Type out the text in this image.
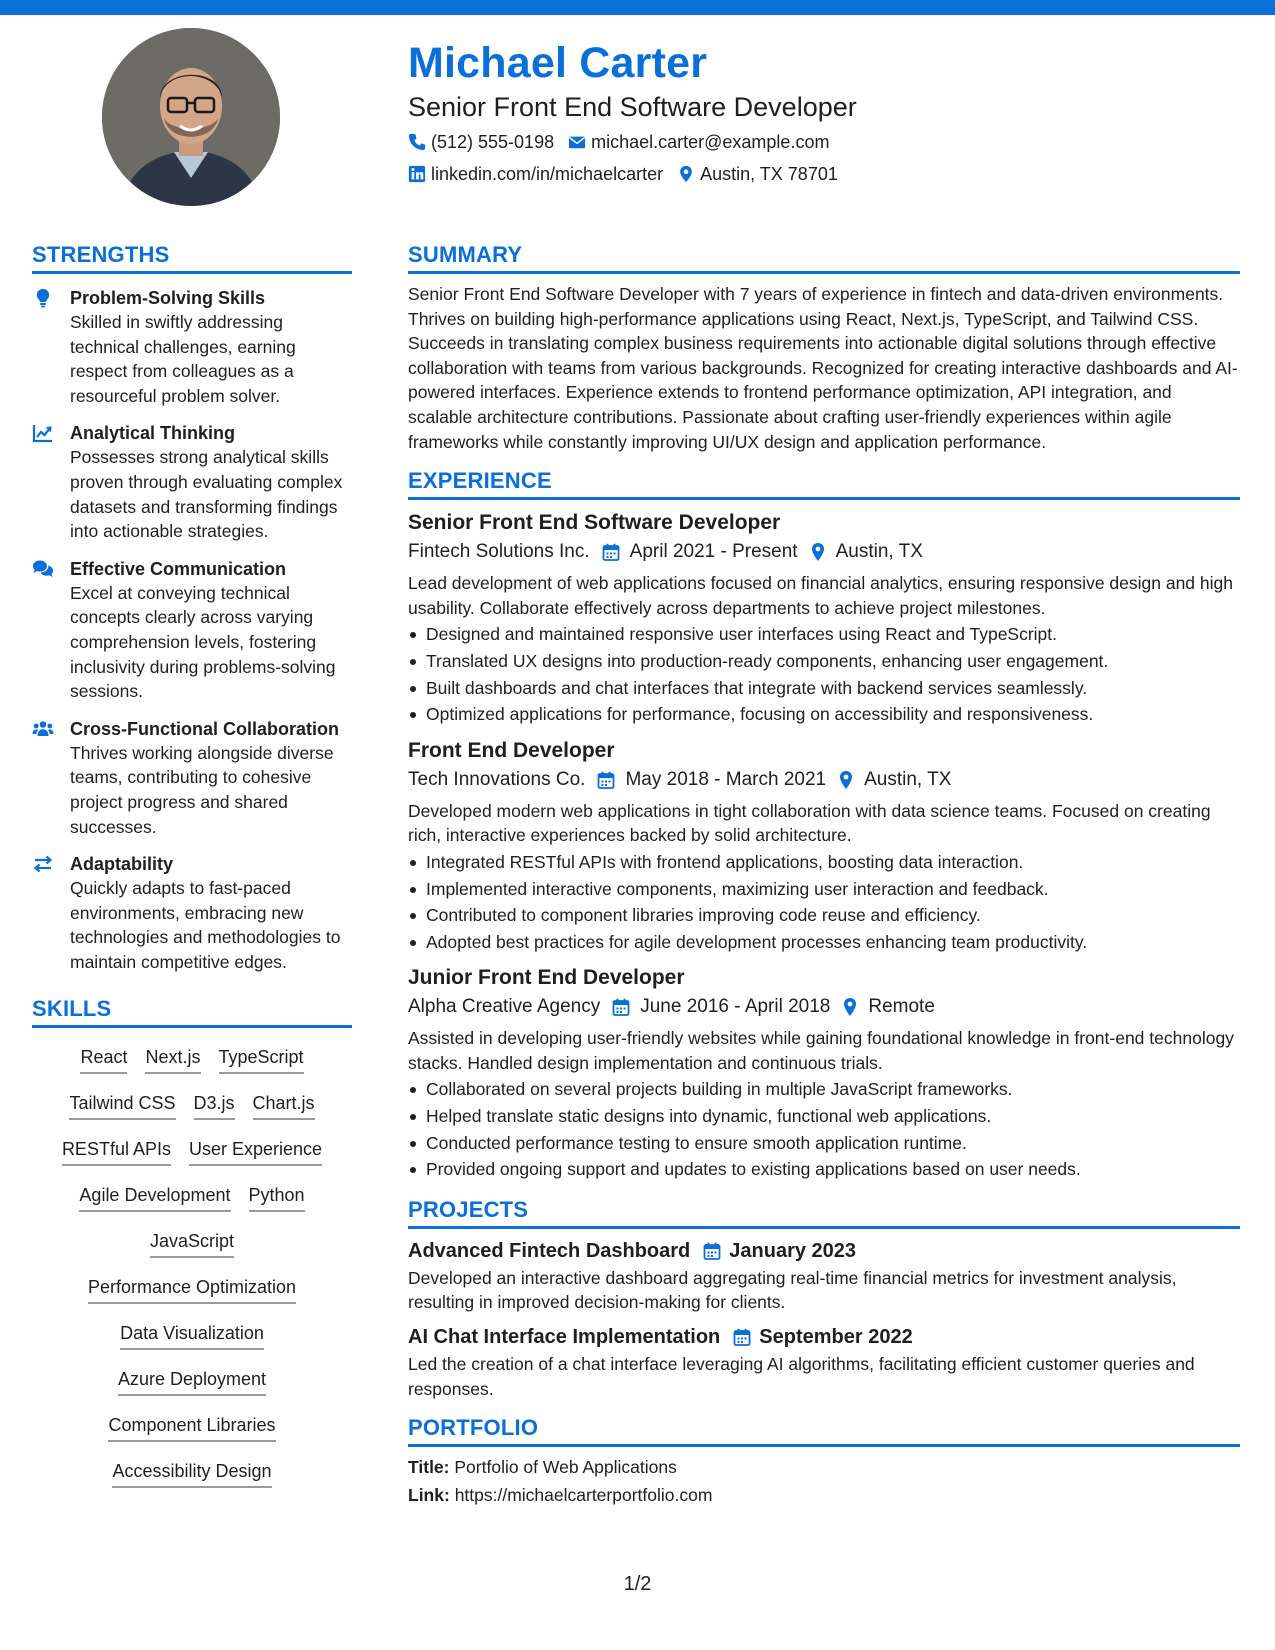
Michael Carter
Senior Front End Software Developer
(512) 555-0198 michael.carter@example.com
linkedin.com/in/michaelcarter Austin, TX 78701
STRENGTHS
Problem-Solving Skills
Skilled in swiftly addressing technical challenges, earning respect from colleagues as a resourceful problem solver.
Analytical Thinking
Possesses strong analytical skills proven through evaluating complex datasets and transforming findings into actionable strategies.
Effective Communication
Excel at conveying technical concepts clearly across varying comprehension levels, fostering inclusivity during problems-solving sessions.
Cross-Functional Collaboration
Thrives working alongside diverse teams, contributing to cohesive project progress and shared successes.
Adaptability
Quickly adapts to fast-paced environments, embracing new technologies and methodologies to maintain competitive edges.
SKILLS
React Next.js TypeScript
Tailwind CSS D3.js Chart.js
RESTful APIs User Experience
Agile Development Python
JavaScript
Performance Optimization
Data Visualization
Azure Deployment
Component Libraries
Accessibility Design
SUMMARY
Senior Front End Software Developer with 7 years of experience in fintech and data-driven environments. Thrives on building high-performance applications using React, Next.js, TypeScript, and Tailwind CSS. Succeeds in translating complex business requirements into actionable digital solutions through effective collaboration with teams from various backgrounds. Recognized for creating interactive dashboards and AI-powered interfaces. Experience extends to frontend performance optimization, API integration, and scalable architecture contributions. Passionate about crafting user-friendly experiences within agile frameworks while constantly improving UI/UX design and application performance.
EXPERIENCE
Senior Front End Software Developer
Fintech Solutions Inc. April 2021 - Present Austin, TX
Lead development of web applications focused on financial analytics, ensuring responsive design and high usability. Collaborate effectively across departments to achieve project milestones.
Designed and maintained responsive user interfaces using React and TypeScript.
Translated UX designs into production-ready components, enhancing user engagement.
Built dashboards and chat interfaces that integrate with backend services seamlessly.
Optimized applications for performance, focusing on accessibility and responsiveness.
Front End Developer
Tech Innovations Co. May 2018 - March 2021 Austin, TX
Developed modern web applications in tight collaboration with data science teams. Focused on creating rich, interactive experiences backed by solid architecture.
Integrated RESTful APIs with frontend applications, boosting data interaction.
Implemented interactive components, maximizing user interaction and feedback.
Contributed to component libraries improving code reuse and efficiency.
Adopted best practices for agile development processes enhancing team productivity.
Junior Front End Developer
Alpha Creative Agency June 2016 - April 2018 Remote
Assisted in developing user-friendly websites while gaining foundational knowledge in front-end technology stacks. Handled design implementation and continuous trials.
Collaborated on several projects building in multiple JavaScript frameworks.
Helped translate static designs into dynamic, functional web applications.
Conducted performance testing to ensure smooth application runtime.
Provided ongoing support and updates to existing applications based on user needs.
PROJECTS
Advanced Fintech Dashboard January 2023
Developed an interactive dashboard aggregating real-time financial metrics for investment analysis, resulting in improved decision-making for clients.
AI Chat Interface Implementation September 2022
Led the creation of a chat interface leveraging AI algorithms, facilitating efficient customer queries and responses.
PORTFOLIO
Title: Portfolio of Web Applications
Link: https://michaelcarterportfolio.com
1/2
